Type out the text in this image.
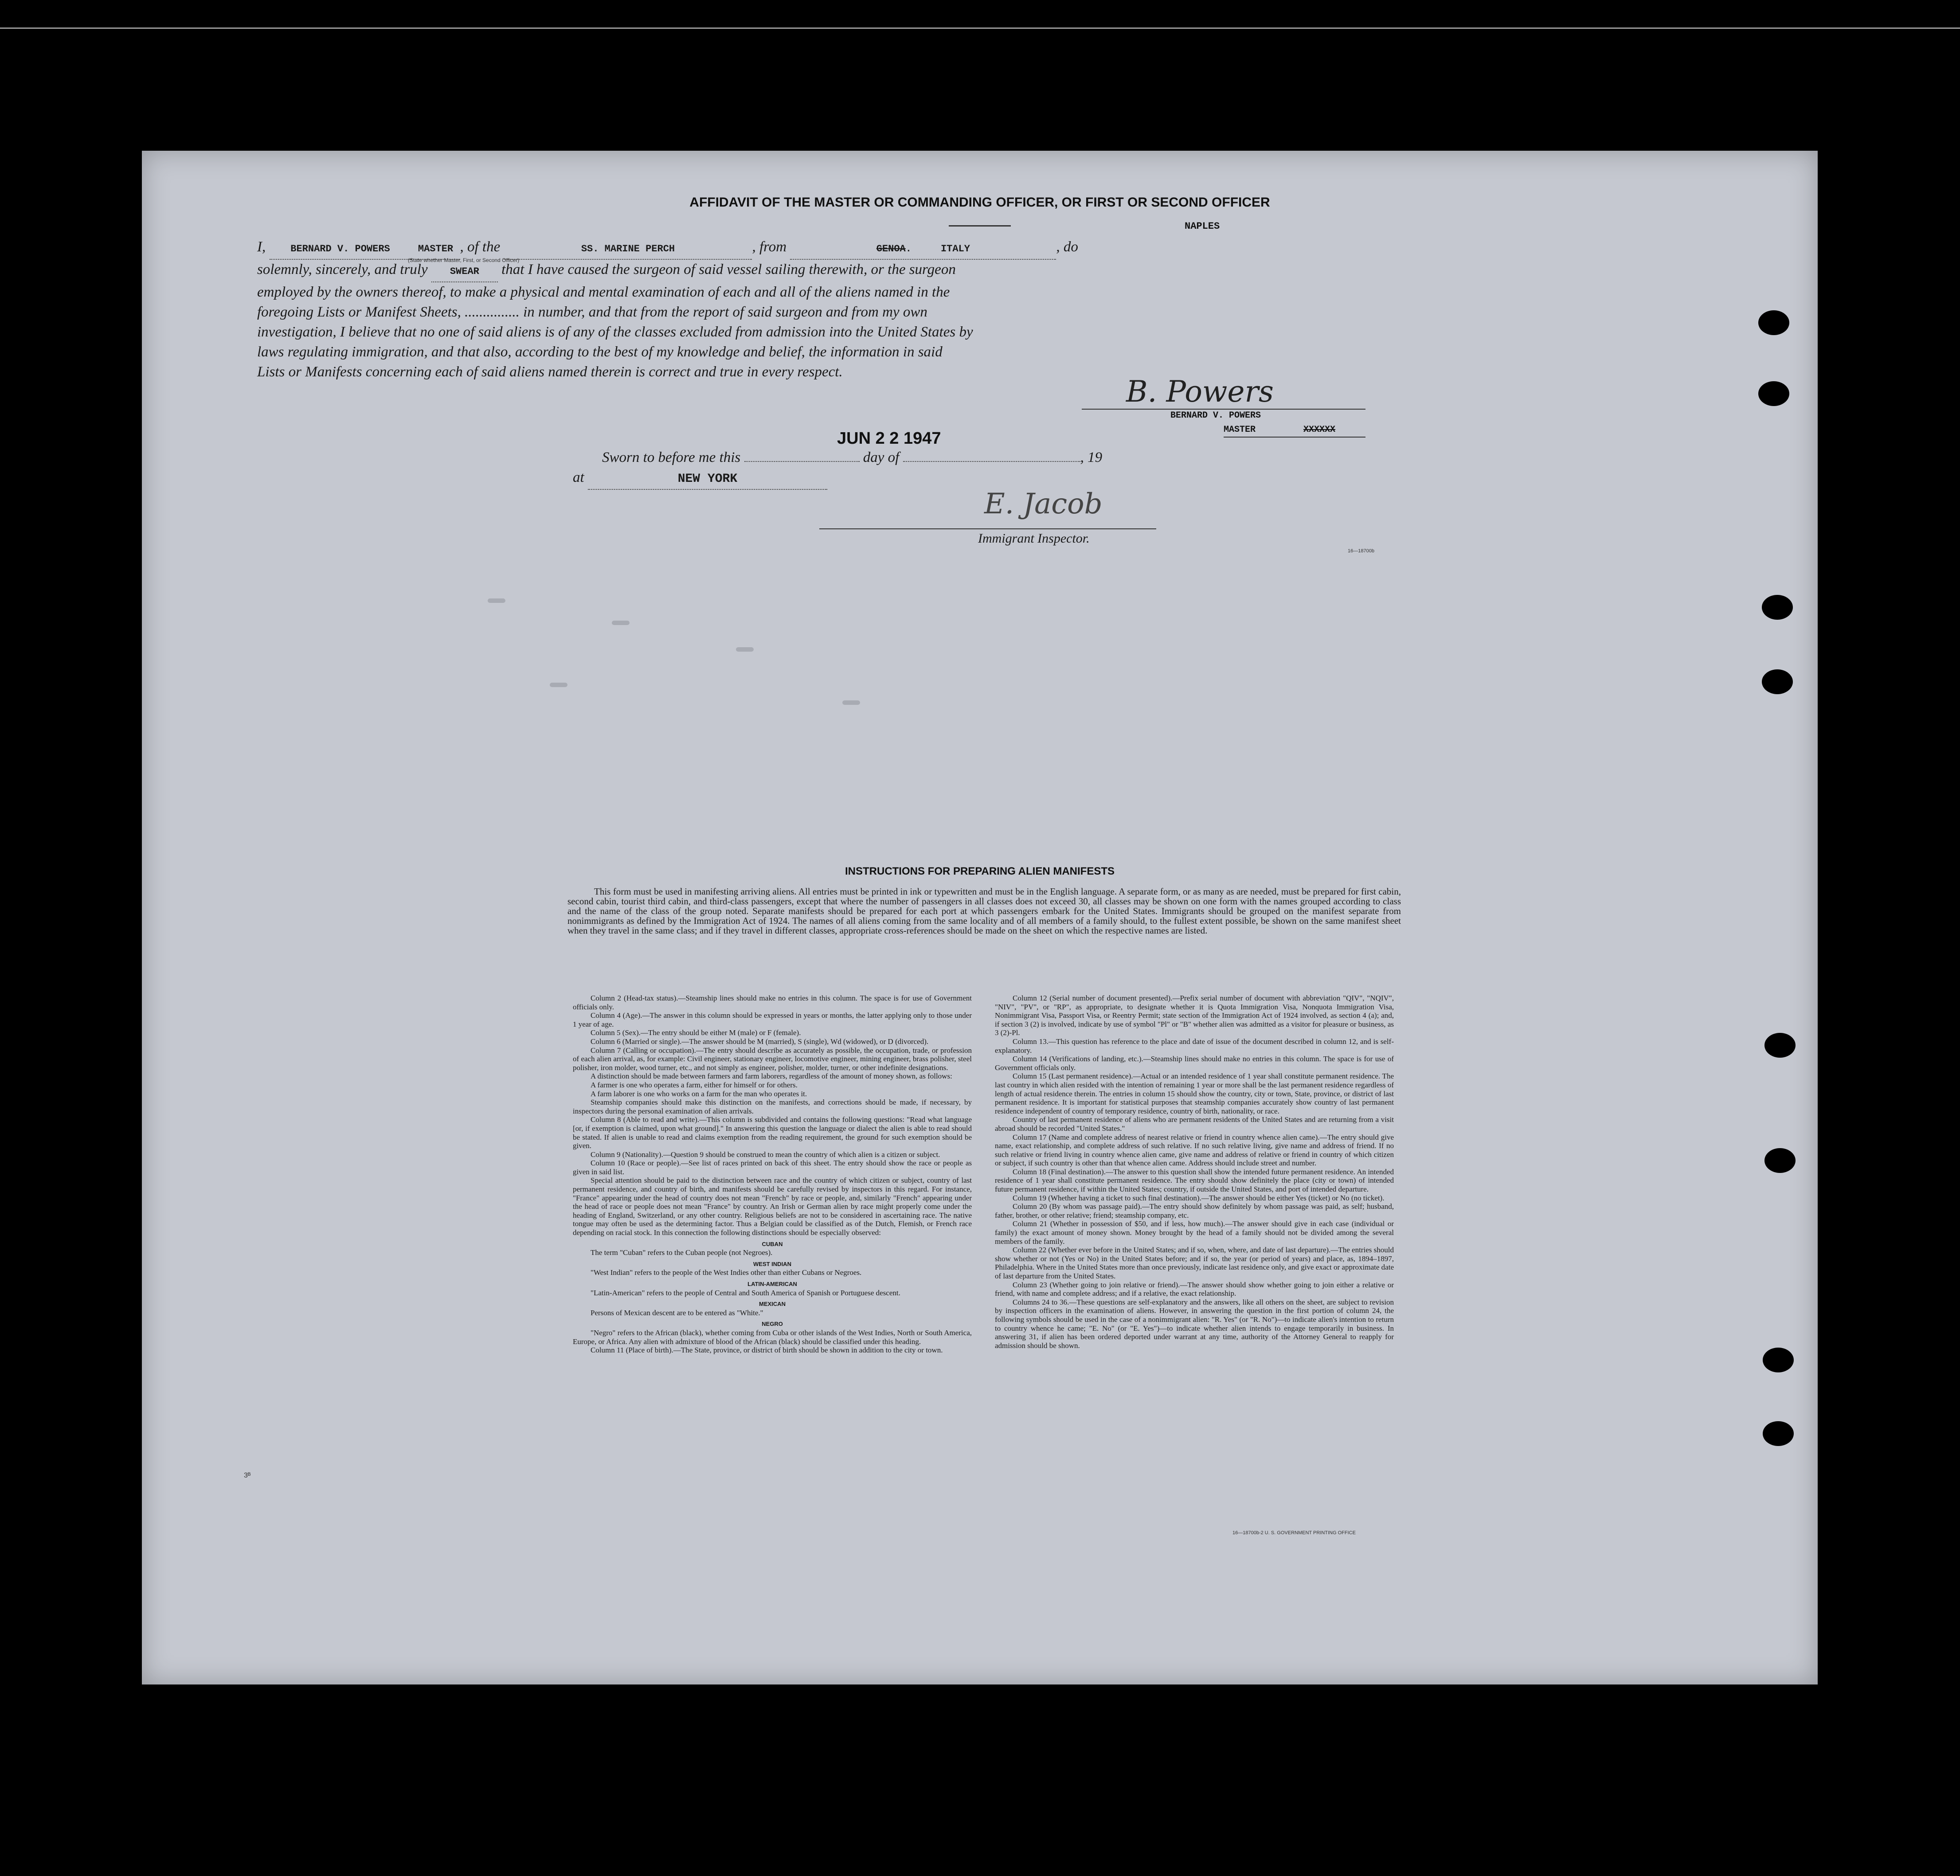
AFFIDAVIT OF THE MASTER OR COMMANDING OFFICER, OR FIRST OR SECOND OFFICER
NAPLES

I,	BERNARD V. POWERS	MASTER , of the	SS. MARINE PERCH	, from	GENOA.     ITALY	, do

solemnly, sincerely, and truly SWEAR that I have caused the surgeon of said vessel sailing therewith, or the surgeon

employed by the owners thereof, to make a physical and mental examination of each and all of the aliens named in the

foregoing Lists or Manifest Sheets, ............... in number, and that from the report of said surgeon and from my own

investigation, I believe that no one of said aliens is of any of the classes excluded from admission into the United States by

laws regulating immigration, and that also, according to the best of my knowledge and belief, the information in said

Lists or Manifests concerning each of said aliens named therein is correct and true in every respect.

(State whether Master, First, or Second Officer)
B. Powers
BERNARD V. POWERS
MASTER	XXXXXX
JUN 2 2 1947
Sworn to before me this	day of	, 19
at	NEW YORK
E. Jacob
Immigrant Inspector.
16—18700b
INSTRUCTIONS FOR PREPARING ALIEN MANIFESTS
This form must be used in manifesting arriving aliens. All entries must be printed in ink or typewritten and must be in the English language. A separate form, or as many as are needed, must be prepared for first cabin, second cabin, tourist third cabin, and third-class passengers, except that where the number of passengers in all classes does not exceed 30, all classes may be shown on one form with the names grouped according to class and the name of the class of the group noted. Separate manifests should be prepared for each port at which passengers embark for the United States. Immigrants should be grouped on the manifest separate from nonimmigrants as defined by the Immigration Act of 1924. The names of all aliens coming from the same locality and of all members of a family should, to the fullest extent possible, be shown on the same manifest sheet when they travel in the same class; and if they travel in different classes, appropriate cross-references should be made on the sheet on which the respective names are listed.

Column 2 (Head-tax status).—Steamship lines should make no entries in this column. The space is for use of Government officials only.

Column 4 (Age).—The answer in this column should be expressed in years or months, the latter applying only to those under 1 year of age.

Column 5 (Sex).—The entry should be either M (male) or F (female).

Column 6 (Married or single).—The answer should be M (married), S (single), Wd (widowed), or D (divorced).

Column 7 (Calling or occupation).—The entry should describe as accurately as possible, the occupation, trade, or profession of each alien arrival, as, for example: Civil engineer, stationary engineer, locomotive engineer, mining engineer, brass polisher, steel polisher, iron molder, wood turner, etc., and not simply as engineer, polisher, molder, turner, or other indefinite designations.

A distinction should be made between farmers and farm laborers, regardless of the amount of money shown, as follows:

A farmer is one who operates a farm, either for himself or for others.

A farm laborer is one who works on a farm for the man who operates it.

Steamship companies should make this distinction on the manifests, and corrections should be made, if necessary, by inspectors during the personal examination of alien arrivals.

Column 8 (Able to read and write).—This column is subdivided and contains the following questions: "Read what language [or, if exemption is claimed, upon what ground]." In answering this question the language or dialect the alien is able to read should be stated. If alien is unable to read and claims exemption from the reading requirement, the ground for such exemption should be given.

Column 9 (Nationality).—Question 9 should be construed to mean the country of which alien is a citizen or subject.

Column 10 (Race or people).—See list of races printed on back of this sheet. The entry should show the race or people as given in said list.

Special attention should be paid to the distinction between race and the country of which citizen or subject, country of last permanent residence, and country of birth, and manifests should be carefully revised by inspectors in this regard. For instance, "France" appearing under the head of country does not mean "French" by race or people, and, similarly "French" appearing under the head of race or people does not mean "France" by country. An Irish or German alien by race might properly come under the heading of England, Switzerland, or any other country. Religious beliefs are not to be considered in ascertaining race. The native tongue may often be used as the determining factor. Thus a Belgian could be classified as of the Dutch, Flemish, or French race depending on racial stock. In this connection the following distinctions should be especially observed:

CUBAN

The term "Cuban" refers to the Cuban people (not Negroes).

WEST INDIAN

"West Indian" refers to the people of the West Indies other than either Cubans or Negroes.

LATIN-AMERICAN

"Latin-American" refers to the people of Central and South America of Spanish or Portuguese descent.

MEXICAN

Persons of Mexican descent are to be entered as "White."

NEGRO

"Negro" refers to the African (black), whether coming from Cuba or other islands of the West Indies, North or South America, Europe, or Africa. Any alien with admixture of blood of the African (black) should be classified under this heading.

Column 11 (Place of birth).—The State, province, or district of birth should be shown in addition to the city or town.

3ᴮ

Column 12 (Serial number of document presented).—Prefix serial number of document with abbreviation "QIV", "NQIV", "NIV", "PV", or "RP", as appropriate, to designate whether it is Quota Immigration Visa, Nonquota Immigration Visa, Nonimmigrant Visa, Passport Visa, or Reentry Permit; state section of the Immigration Act of 1924 involved, as section 4 (a); and, if section 3 (2) is involved, indicate by use of symbol "Pl" or "B" whether alien was admitted as a visitor for pleasure or business, as 3 (2)-Pl.

Column 13.—This question has reference to the place and date of issue of the document described in column 12, and is self-explanatory.

Column 14 (Verifications of landing, etc.).—Steamship lines should make no entries in this column. The space is for use of Government officials only.

Column 15 (Last permanent residence).—Actual or an intended residence of 1 year shall constitute permanent residence. The last country in which alien resided with the intention of remaining 1 year or more shall be the last permanent residence regardless of length of actual residence therein. The entries in column 15 should show the country, city or town, State, province, or district of last permanent residence. It is important for statistical purposes that steamship companies accurately show country of last permanent residence independent of country of temporary residence, country of birth, nationality, or race.

Country of last permanent residence of aliens who are permanent residents of the United States and are returning from a visit abroad should be recorded "United States."

Column 17 (Name and complete address of nearest relative or friend in country whence alien came).—The entry should give name, exact relationship, and complete address of such relative. If no such relative living, give name and address of friend. If no such relative or friend living in country whence alien came, give name and address of relative or friend in country of which citizen or subject, if such country is other than that whence alien came. Address should include street and number.

Column 18 (Final destination).—The answer to this question shall show the intended future permanent residence. An intended residence of 1 year shall constitute permanent residence. The entry should show definitely the place (city or town) of intended future permanent residence, if within the United States; country, if outside the United States, and port of intended departure.

Column 19 (Whether having a ticket to such final destination).—The answer should be either Yes (ticket) or No (no ticket).

Column 20 (By whom was passage paid).—The entry should show definitely by whom passage was paid, as self; husband, father, brother, or other relative; friend; steamship company, etc.

Column 21 (Whether in possession of $50, and if less, how much).—The answer should give in each case (individual or family) the exact amount of money shown. Money brought by the head of a family should not be divided among the several members of the family.

Column 22 (Whether ever before in the United States; and if so, when, where, and date of last departure).—The entries should show whether or not (Yes or No) in the United States before; and if so, the year (or period of years) and place, as, 1894–1897, Philadelphia. Where in the United States more than once previously, indicate last residence only, and give exact or approximate date of last departure from the United States.

Column 23 (Whether going to join relative or friend).—The answer should show whether going to join either a relative or friend, with name and complete address; and if a relative, the exact relationship.

Columns 24 to 36.—These questions are self-explanatory and the answers, like all others on the sheet, are subject to revision by inspection officers in the examination of aliens. However, in answering the question in the first portion of column 24, the following symbols should be used in the case of a nonimmigrant alien: "R. Yes" (or "R. No")—to indicate alien's intention to return to country whence he came; "E. No" (or "E. Yes")—to indicate whether alien intends to engage temporarily in business. In answering 31, if alien has been ordered deported under warrant at any time, authority of the Attorney General to reapply for admission should be shown.

16—18700b-2 U. S. GOVERNMENT PRINTING OFFICE
